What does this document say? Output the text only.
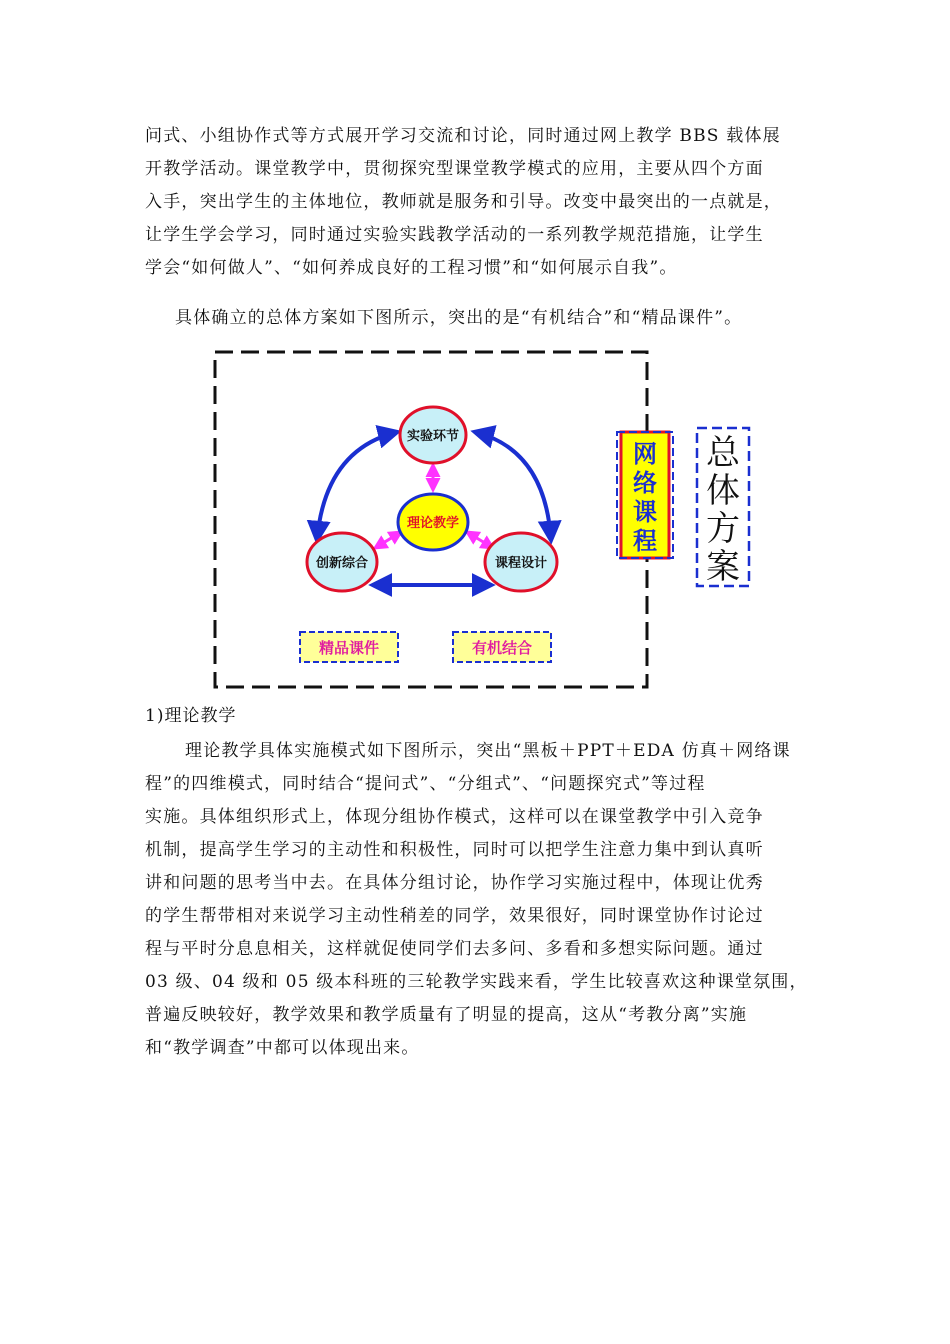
问式、小组协作式等方式展开学习交流和讨论，同时通过网上教学 BBS 载体展
开教学活动。课堂教学中，贯彻探究型课堂教学模式的应用，主要从四个方面
入手，突出学生的主体地位，教师就是服务和引导。改变中最突出的一点就是，
让学生学会学习，同时通过实验实践教学活动的一系列教学规范措施，让学生
学会“如何做人”、“如何养成良好的工程习惯”和“如何展示自我”。

具体确立的总体方案如下图所示，突出的是“有机结合”和“精品课件”。

实验环节
理论教学
创新综合	课程设计
精品课件	有机结合
网
络
课
程
总
体
方
案
1)理论教学
理论教学具体实施模式如下图所示，突出“黑板＋PPT＋EDA 仿真＋网络课
程”的四维模式，同时结合“提问式”、“分组式”、“问题探究式”等过程
实施。具体组织形式上，体现分组协作模式，这样可以在课堂教学中引入竞争
机制，提高学生学习的主动性和积极性，同时可以把学生注意力集中到认真听
讲和问题的思考当中去。在具体分组讨论，协作学习实施过程中，体现让优秀
的学生帮带相对来说学习主动性稍差的同学，效果很好，同时课堂协作讨论过
程与平时分息息相关，这样就促使同学们去多问、多看和多想实际问题。通过
03 级、04 级和 05 级本科班的三轮教学实践来看，学生比较喜欢这种课堂氛围，
普遍反映较好，教学效果和教学质量有了明显的提高，这从“考教分离”实施
和“教学调查”中都可以体现出来。
